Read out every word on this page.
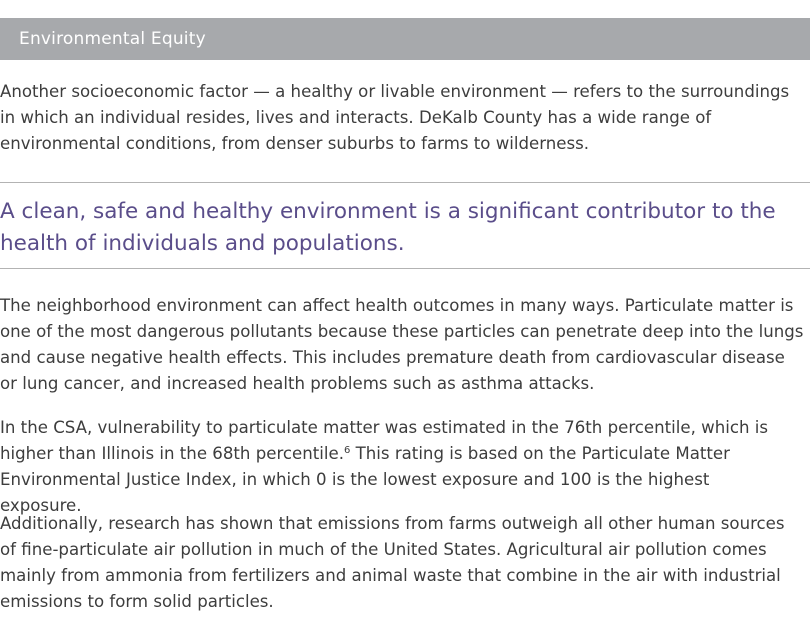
Environmental Equity

Another socioeconomic factor — a healthy or livable environment — refers to the surroundings in which an individual resides, lives and interacts. DeKalb County has a wide range of environmental conditions, from denser suburbs to farms to wilderness.

A clean, safe and healthy environment is a significant contributor to the health of individuals and populations.

The neighborhood environment can affect health outcomes in many ways. Particulate matter is one of the most dangerous pollutants because these particles can penetrate deep into the lungs and cause negative health effects. This includes premature death from cardiovascular disease or lung cancer, and increased health problems such as asthma attacks.

In the CSA, vulnerability to particulate matter was estimated in the 76th percentile, which is higher than Illinois in the 68th percentile.$^6$ This rating is based on the Particulate Matter Environmental Justice Index, in which 0 is the lowest exposure and 100 is the highest exposure.

Additionally, research has shown that emissions from farms outweigh all other human sources of fine-particulate air pollution in much of the United States. Agricultural air pollution comes mainly from ammonia from fertilizers and animal waste that combine in the air with industrial emissions to form solid particles.
